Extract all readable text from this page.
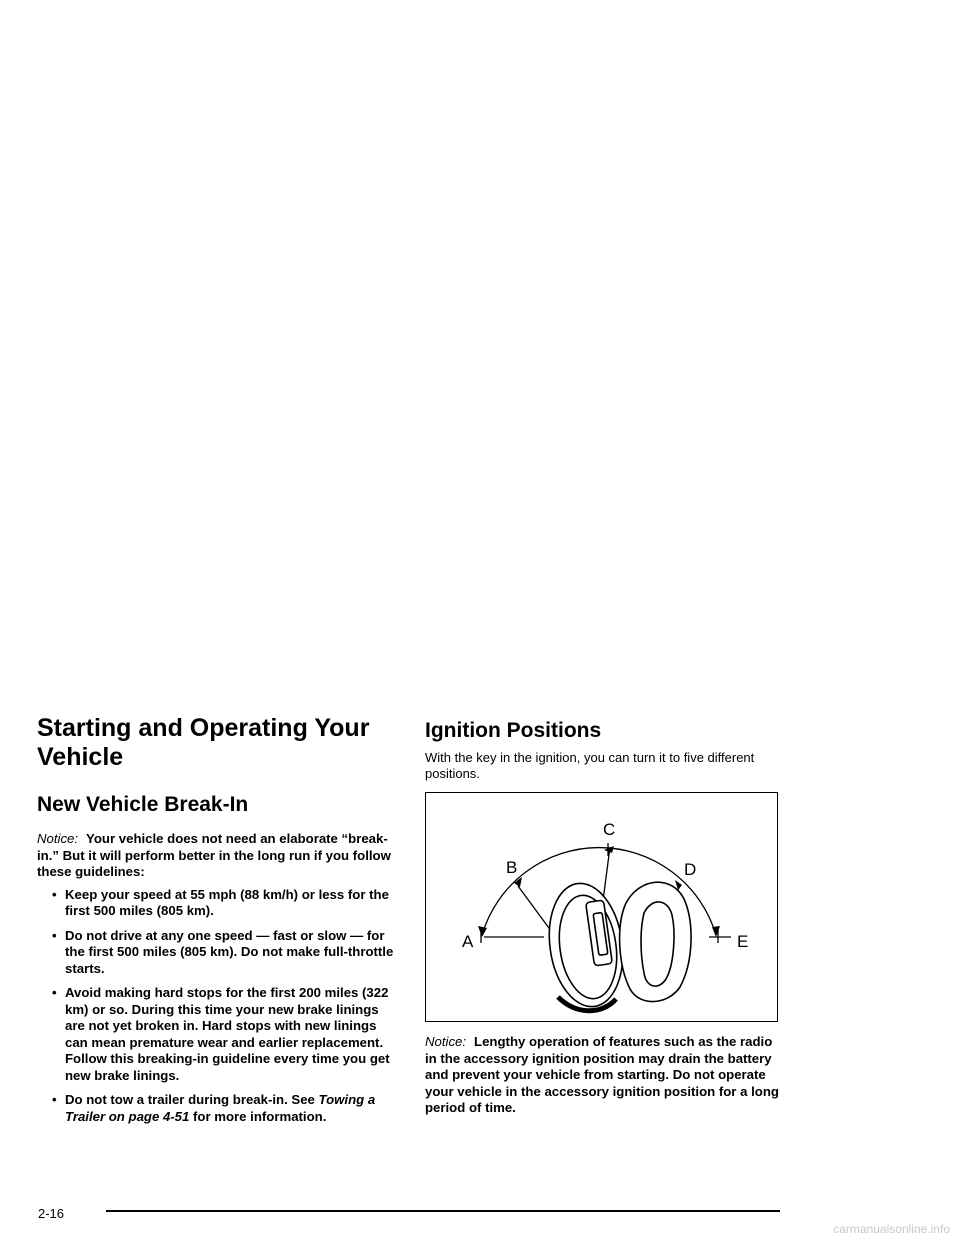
Starting and Operating Your
Vehicle
New Vehicle Break-In

Notice: Your vehicle does not need an elaborate “break-in.” But it will perform better in the long run if you follow these guidelines:

• Keep your speed at 55 mph (88 km/h) or less for the first 500 miles (805 km).
• Do not drive at any one speed — fast or slow — for the first 500 miles (805 km). Do not make full-throttle starts.
• Avoid making hard stops for the first 200 miles (322 km) or so. During this time your new brake linings are not yet broken in. Hard stops with new linings can mean premature wear and earlier replacement. Follow this breaking-in guideline every time you get new brake linings.
• Do not tow a trailer during break-in. See Towing a Trailer on page 4-51 for more information.
Ignition Positions

With the key in the ignition, you can turn it to five different positions.

A
B
C
D
E

Notice: Lengthy operation of features such as the radio in the accessory ignition position may drain the battery and prevent your vehicle from starting. Do not operate your vehicle in the accessory ignition position for a long period of time.

2-16
carmanualsonline.info
